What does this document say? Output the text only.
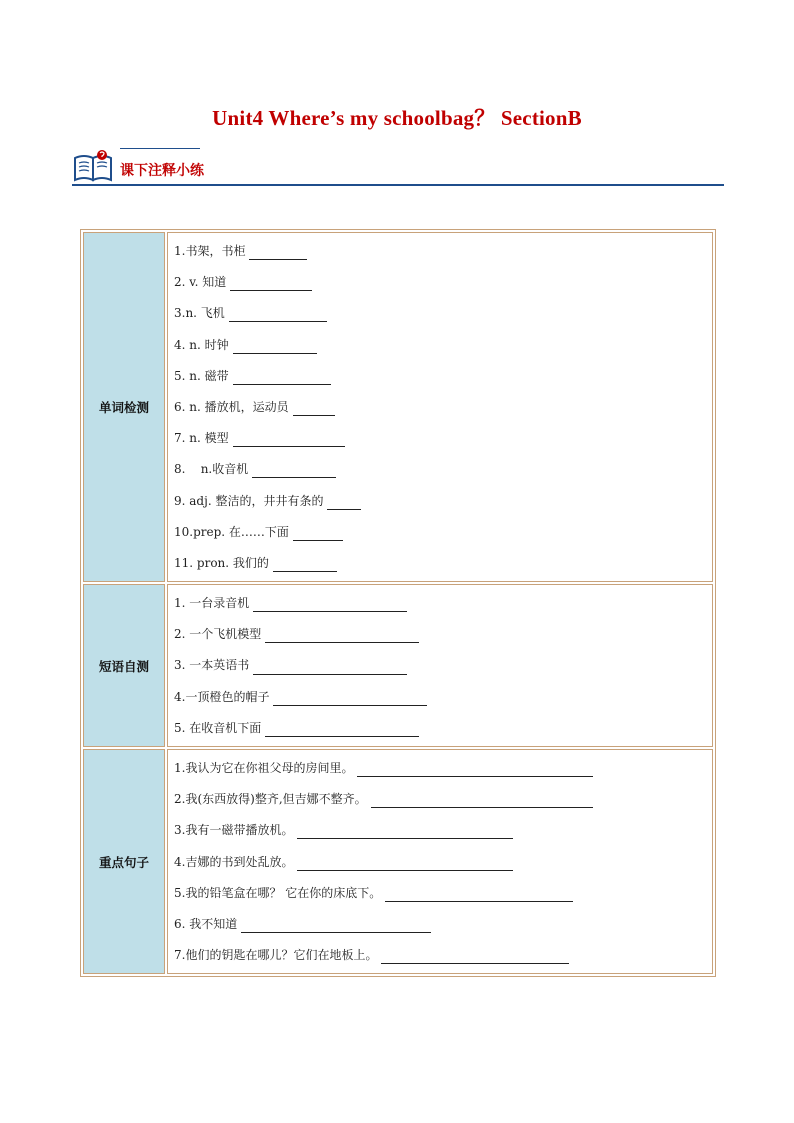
Unit4 Where’s my schoolbag？ SectionB
课下注释小练
单词检测
1.书架，书柜
2. v. 知道
3.n. 飞机
4. n. 时钟
5. n. 磁带
6. n. 播放机，运动员
7. n. 模型
8.    n.收音机
9. adj. 整洁的，井井有条的
10.prep. 在……下面
11. pron. 我们的
短语自测
1. 一台录音机
2. 一个飞机模型
3. 一本英语书
4.一顶橙色的帽子
5. 在收音机下面
重点句子
1.我认为它在你祖父母的房间里。
2.我(东西放得)整齐,但吉娜不整齐。
3.我有一磁带播放机。
4.吉娜的书到处乱放。
5.我的铅笔盒在哪？ 它在你的床底下。
6. 我不知道
7.他们的钥匙在哪儿？它们在地板上。
